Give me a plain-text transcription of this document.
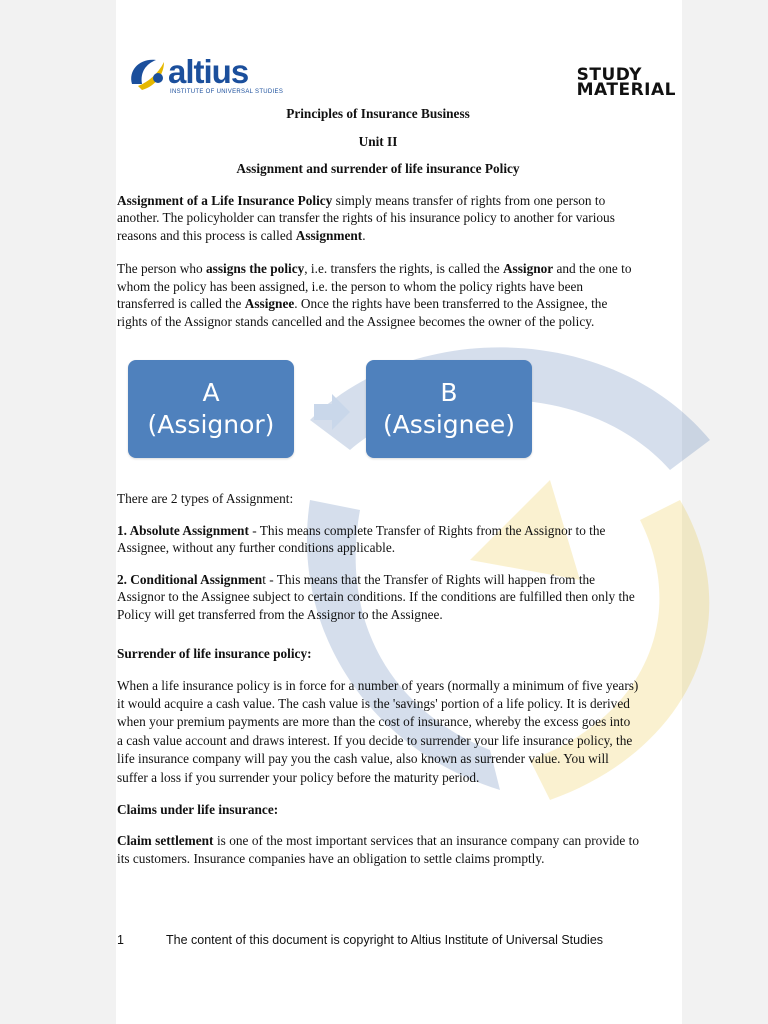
altius
INSTITUTE OF UNIVERSAL STUDIES
STUDY
MATERIAL

Principles of Insurance Business

Unit II

Assignment and surrender of life insurance Policy

Assignment of a Life Insurance Policy simply means transfer of rights from one person to another. The policyholder can transfer the rights of his insurance policy to another for various reasons and this process is called Assignment.

The person who assigns the policy, i.e. transfers the rights, is called the Assignor and the one to whom the policy has been assigned, i.e. the person to whom the policy rights have been transferred is called the Assignee. Once the rights have been transferred to the Assignee, the rights of the Assignor stands cancelled and the Assignee becomes the owner of the policy.

A
(Assignor)
B
(Assignee)

There are 2 types of Assignment:

1. Absolute Assignment - This means complete Transfer of Rights from the Assignor to the Assignee, without any further conditions applicable.

2. Conditional Assignment - This means that the Transfer of Rights will happen from the Assignor to the Assignee subject to certain conditions. If the conditions are fulfilled then only the Policy will get transferred from the Assignor to the Assignee.

Surrender of life insurance policy:

When a life insurance policy is in force for a number of years (normally a minimum of five years) it would acquire a cash value. The cash value is the 'savings' portion of a life policy. It is derived when your premium payments are more than the cost of insurance, whereby the excess goes into a cash value account and draws interest. If you decide to surrender your life insurance policy, the life insurance company will pay you the cash value, also known as surrender value. You will suffer a loss if you surrender your policy before the maturity period.

Claims under life insurance:

Claim settlement is one of the most important services that an insurance company can provide to its customers. Insurance companies have an obligation to settle claims promptly.

1	The content of this document is copyright to Altius Institute of Universal Studies
